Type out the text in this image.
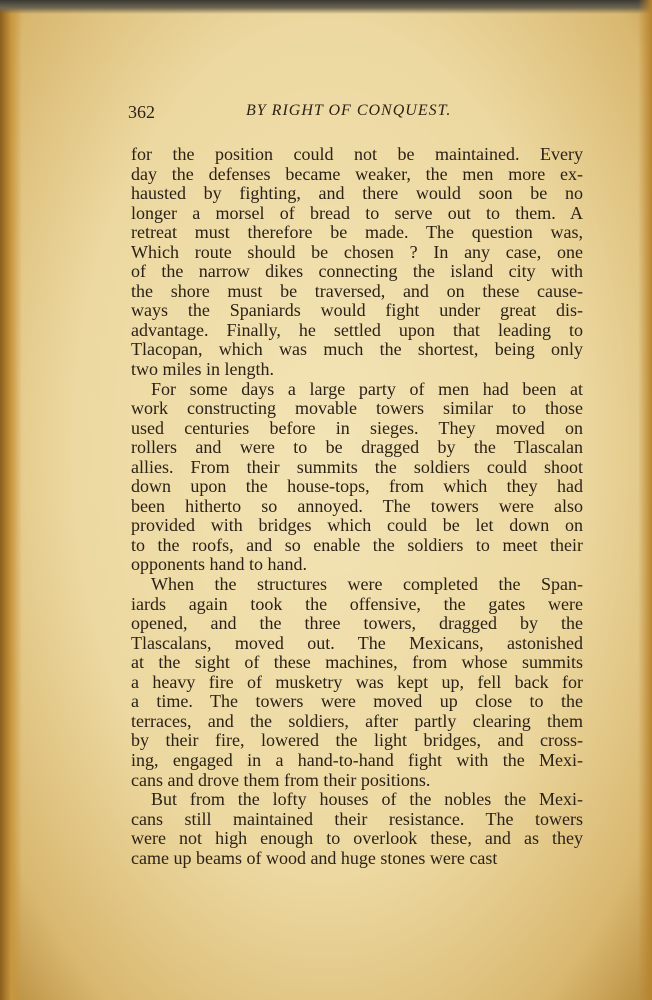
362	BY RIGHT OF CONQUEST.
for the position could not be maintained. Every
day the defenses became weaker, the men more ex-
hausted by fighting, and there would soon be no
longer a morsel of bread to serve out to them. A
retreat must therefore be made. The question was,
Which route should be chosen ? In any case, one
of the narrow dikes connecting the island city with
the shore must be traversed, and on these cause-
ways the Spaniards would fight under great dis-
advantage. Finally, he settled upon that leading to
Tlacopan, which was much the shortest, being only
two miles in length.
For some days a large party of men had been at
work constructing movable towers similar to those
used centuries before in sieges. They moved on
rollers and were to be dragged by the Tlascalan
allies. From their summits the soldiers could shoot
down upon the house-tops, from which they had
been hitherto so annoyed. The towers were also
provided with bridges which could be let down on
to the roofs, and so enable the soldiers to meet their
opponents hand to hand.
When the structures were completed the Span-
iards again took the offensive, the gates were
opened, and the three towers, dragged by the
Tlascalans, moved out. The Mexicans, astonished
at the sight of these machines, from whose summits
a heavy fire of musketry was kept up, fell back for
a time. The towers were moved up close to the
terraces, and the soldiers, after partly clearing them
by their fire, lowered the light bridges, and cross-
ing, engaged in a hand-to-hand fight with the Mexi-
cans and drove them from their positions.
But from the lofty houses of the nobles the Mexi-
cans still maintained their resistance. The towers
were not high enough to overlook these, and as they
came up beams of wood and huge stones were cast
